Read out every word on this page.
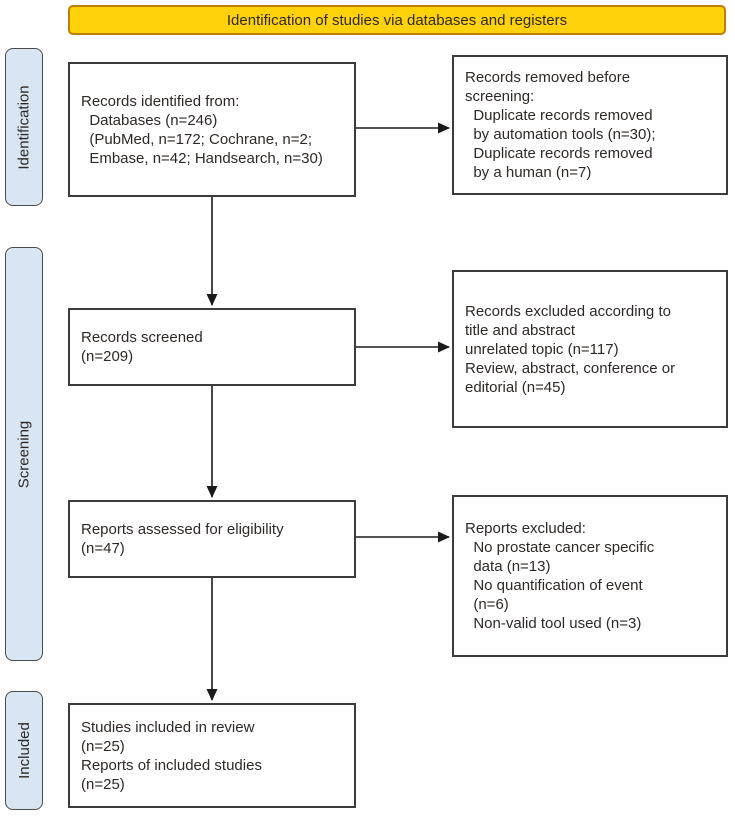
Identification of studies via databases and registers
Identification
Screening
Included
Records identified from:
Databases (n=246)
(PubMed, n=172; Cochrane, n=2;
Embase, n=42; Handsearch, n=30)
Records removed before
screening:
Duplicate records removed
by automation tools (n=30);
Duplicate records removed
by a human (n=7)
Records screened
(n=209)
Records excluded according to
title and abstract
unrelated topic (n=117)
Review, abstract, conference or
editorial (n=45)
Reports assessed for eligibility
(n=47)
Reports excluded:
No prostate cancer specific
data (n=13)
No quantification of event
(n=6)
Non-valid tool used (n=3)
Studies included in review
(n=25)
Reports of included studies
(n=25)
